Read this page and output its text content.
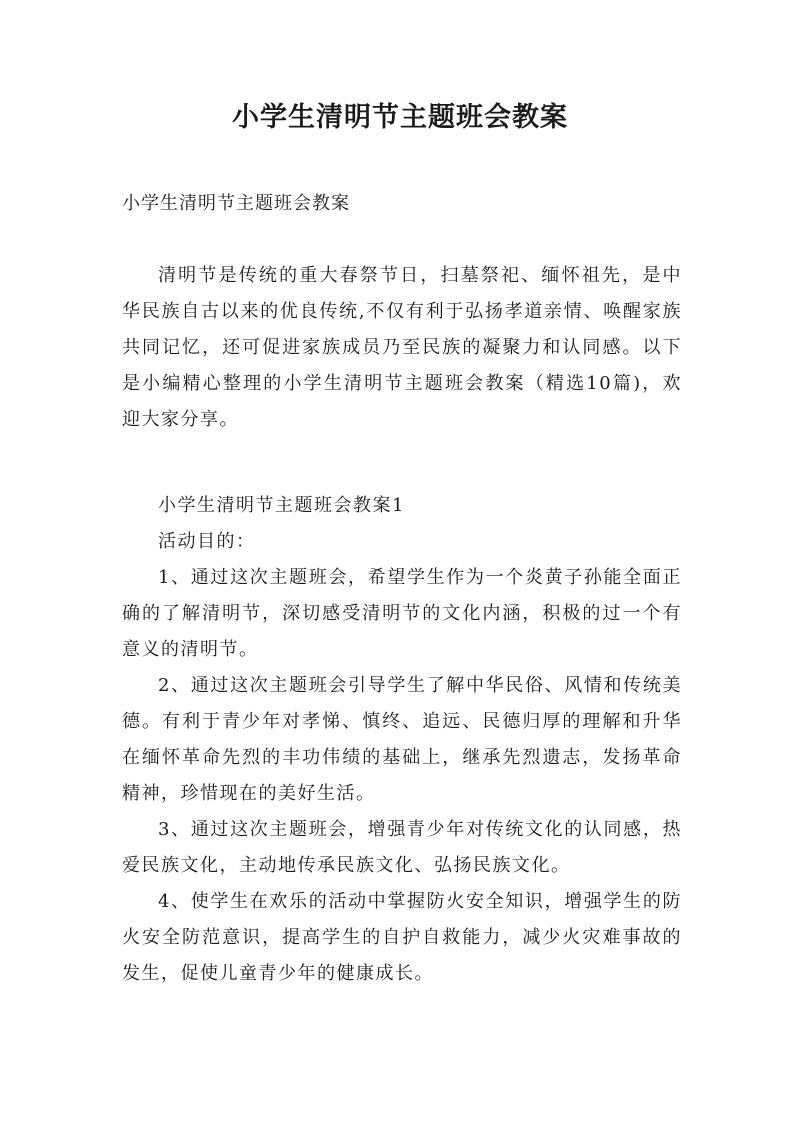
小学生清明节主题班会教案
小学生清明节主题班会教案

清明节是传统的重大春祭节日，扫墓祭祀、缅怀祖先，是中华民族自古以来的优良传统,不仅有利于弘扬孝道亲情、唤醒家族共同记忆，还可促进家族成员乃至民族的凝聚力和认同感。以下是小编精心整理的小学生清明节主题班会教案（精选10篇)，欢迎大家分享。

小学生清明节主题班会教案1

活动目的：

1、通过这次主题班会，希望学生作为一个炎黄子孙能全面正确的了解清明节，深切感受清明节的文化内涵，积极的过一个有意义的清明节。

2、通过这次主题班会引导学生了解中华民俗、风情和传统美德。有利于青少年对孝悌、慎终、追远、民德归厚的理解和升华在缅怀革命先烈的丰功伟绩的基础上，继承先烈遗志，发扬革命精神，珍惜现在的美好生活。

3、通过这次主题班会，增强青少年对传统文化的认同感，热爱民族文化，主动地传承民族文化、弘扬民族文化。

4、使学生在欢乐的活动中掌握防火安全知识，增强学生的防火安全防范意识，提高学生的自护自救能力，减少火灾难事故的发生，促使儿童青少年的健康成长。
